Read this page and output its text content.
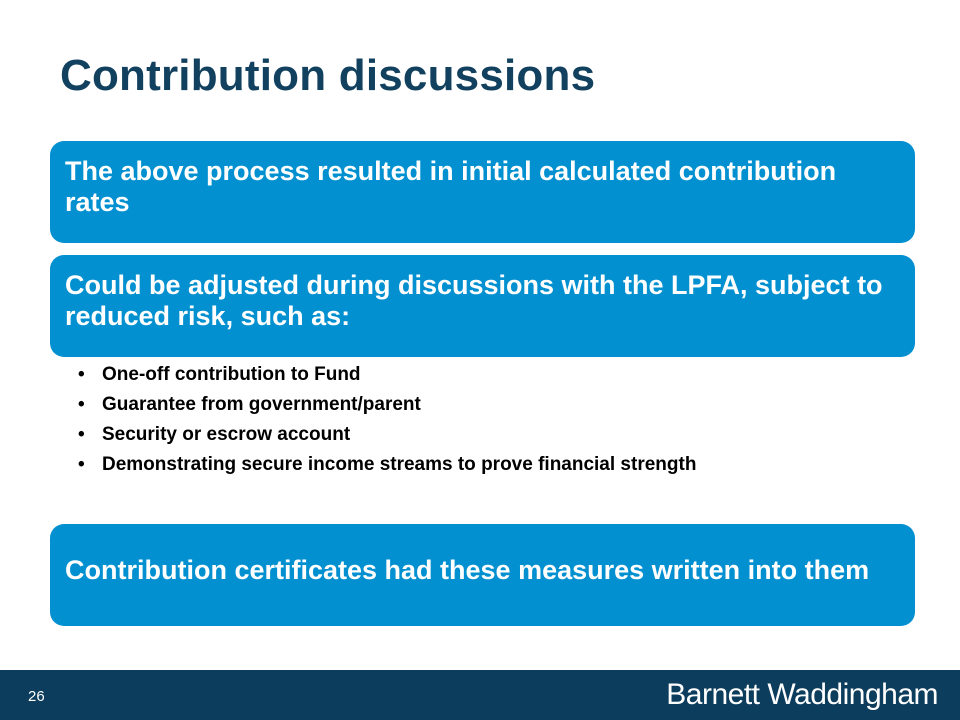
Contribution discussions
The above process resulted in initial calculated contribution rates
Could be adjusted during discussions with the LPFA, subject to reduced risk, such as:
• One-off contribution to Fund
• Guarantee from government/parent
• Security or escrow account
• Demonstrating secure income streams to prove financial strength
Contribution certificates had these measures written into them
26	Barnett Waddingham
